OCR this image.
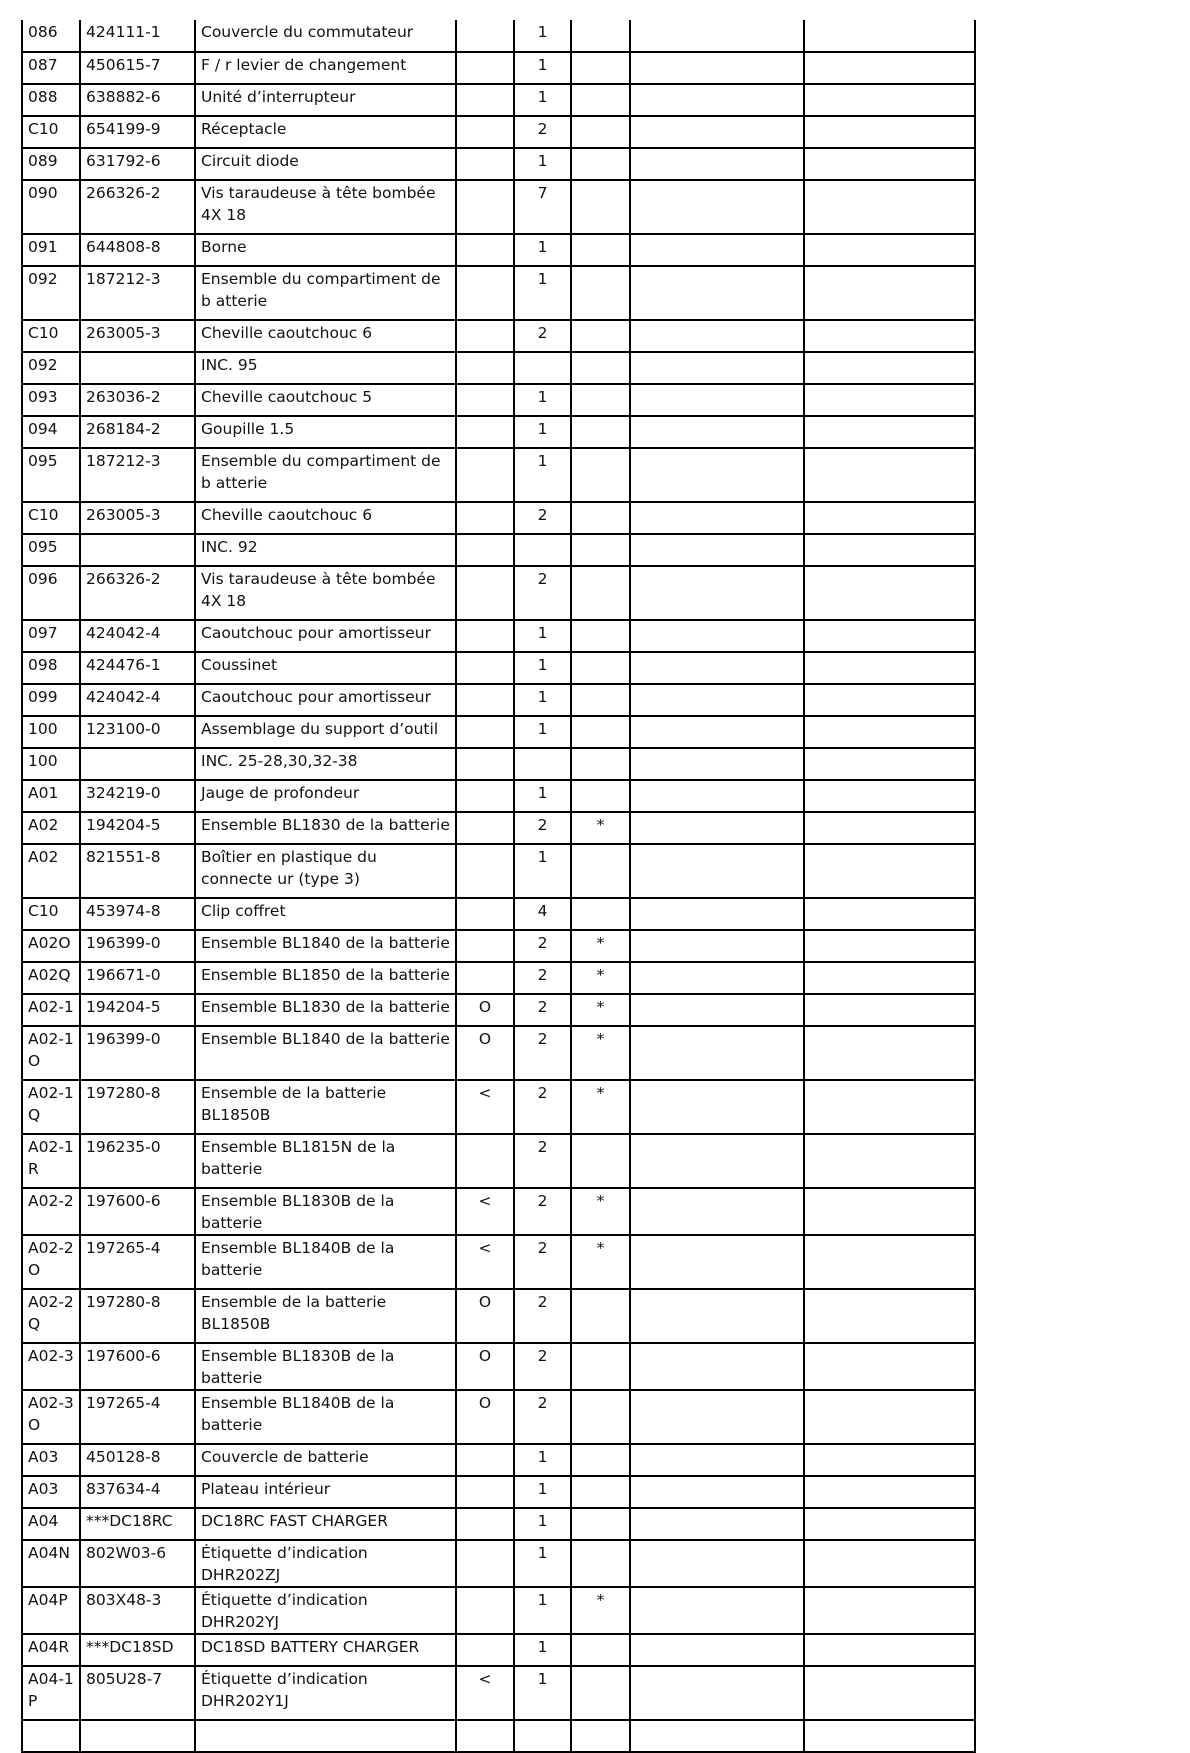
086	424111-1	Couvercle du commutateur		1			
087	450615-7	F / r levier de changement		1			
088	638882-6	Unité d’interrupteur		1			
C10	654199-9	Réceptacle		2			
089	631792-6	Circuit diode		1			
090	266326-2	Vis taraudeuse à tête bombée 4X 18		7			
091	644808-8	Borne		1			
092	187212-3	Ensemble du compartiment de b atterie		1			
C10	263005-3	Cheville caoutchouc 6		2			
092		INC. 95					
093	263036-2	Cheville caoutchouc 5		1			
094	268184-2	Goupille 1.5		1			
095	187212-3	Ensemble du compartiment de b atterie		1			
C10	263005-3	Cheville caoutchouc 6		2			
095		INC. 92					
096	266326-2	Vis taraudeuse à tête bombée 4X 18		2			
097	424042-4	Caoutchouc pour amortisseur		1			
098	424476-1	Coussinet		1			
099	424042-4	Caoutchouc pour amortisseur		1			
100	123100-0	Assemblage du support d’outil		1			
100		INC. 25-28,30,32-38					
A01	324219-0	Jauge de profondeur		1			
A02	194204-5	Ensemble BL1830 de la batterie		2	*		
A02	821551-8	Boîtier en plastique du connecte ur (type 3)		1			
C10	453974-8	Clip coffret		4			
A02O	196399-0	Ensemble BL1840 de la batterie		2	*		
A02Q	196671-0	Ensemble BL1850 de la batterie		2	*		
A02-1	194204-5	Ensemble BL1830 de la batterie	O	2	*		
A02-1 O	196399-0	Ensemble BL1840 de la batterie	O	2	*		
A02-1 Q	197280-8	Ensemble de la batterie BL1850B	<	2	*		
A02-1 R	196235-0	Ensemble BL1815N de la batterie		2			
A02-2	197600-6	Ensemble BL1830B de la batterie	<	2	*		
A02-2 O	197265-4	Ensemble BL1840B de la batterie	<	2	*		
A02-2 Q	197280-8	Ensemble de la batterie BL1850B	O	2			
A02-3	197600-6	Ensemble BL1830B de la batterie	O	2			
A02-3 O	197265-4	Ensemble BL1840B de la batterie	O	2			
A03	450128-8	Couvercle de batterie		1			
A03	837634-4	Plateau intérieur		1			
A04	***DC18RC	DC18RC FAST CHARGER		1			
A04N	802W03-6	Étiquette d’indication DHR202ZJ		1			
A04P	803X48-3	Étiquette d’indication DHR202YJ		1	*		
A04R	***DC18SD	DC18SD BATTERY CHARGER		1			
A04-1 P	805U28-7	Étiquette d’indication DHR202Y1J	<	1			
